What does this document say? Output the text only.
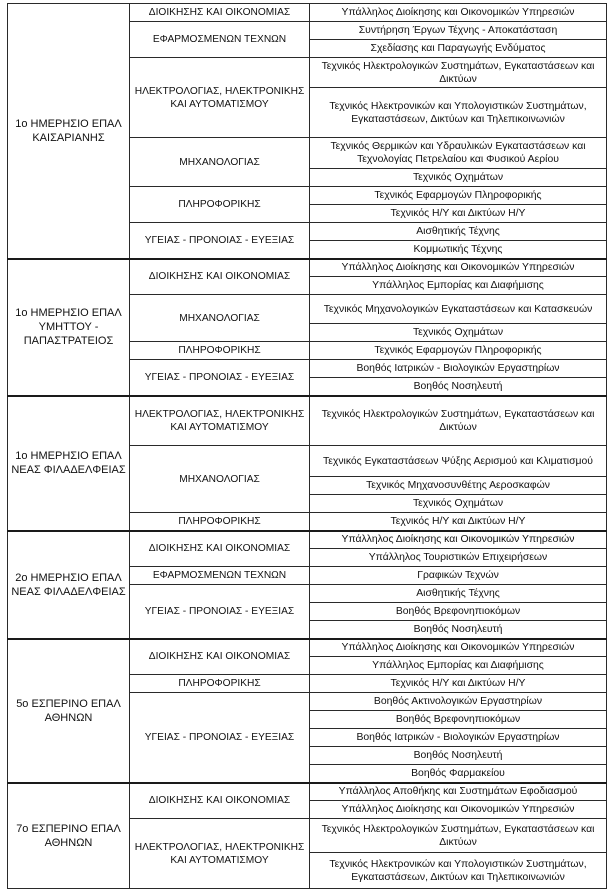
1ο ΗΜΕΡΗΣΙΟ ΕΠΑΛ ΚΑΙΣΑΡΙΑΝΗΣ	ΔΙΟΙΚΗΣΗΣ ΚΑΙ ΟΙΚΟΝΟΜΙΑΣ	Υπάλληλος Διοίκησης και Οικονομικών Υπηρεσιών
	ΕΦΑΡΜΟΣΜΕΝΩΝ ΤΕΧΝΩΝ	Συντήρηση Έργων Τέχνης - Αποκατάσταση
		Σχεδίασης και Παραγωγής Ενδύματος
	ΗΛΕΚΤΡΟΛΟΓΙΑΣ, ΗΛΕΚΤΡΟΝΙΚΗΣ ΚΑΙ ΑΥΤΟΜΑΤΙΣΜΟΥ	Τεχνικός Ηλεκτρολογικών Συστημάτων, Εγκαταστάσεων και Δικτύων
		Τεχνικός Ηλεκτρονικών και Υπολογιστικών Συστημάτων, Εγκαταστάσεων, Δικτύων και Τηλεπικοινωνιών
	ΜΗΧΑΝΟΛΟΓΙΑΣ	Τεχνικός Θερμικών και Υδραυλικών Εγκαταστάσεων και Τεχνολογίας Πετρελαίου και Φυσικού Αερίου
		Τεχνικός Οχημάτων
	ΠΛΗΡΟΦΟΡΙΚΗΣ	Τεχνικός Εφαρμογών Πληροφορικής
		Τεχνικός Η/Υ και Δικτύων Η/Υ
	ΥΓΕΙΑΣ - ΠΡΟΝΟΙΑΣ - ΕΥΕΞΙΑΣ	Αισθητικής Τέχνης
		Κομμωτικής Τέχνης
1ο ΗΜΕΡΗΣΙΟ ΕΠΑΛ ΥΜΗΤΤΟΥ - ΠΑΠΑΣΤΡΑΤΕΙΟΣ	ΔΙΟΙΚΗΣΗΣ ΚΑΙ ΟΙΚΟΝΟΜΙΑΣ	Υπάλληλος Διοίκησης και Οικονομικών Υπηρεσιών
		Υπάλληλος Εμπορίας και Διαφήμισης
	ΜΗΧΑΝΟΛΟΓΙΑΣ	Τεχνικός Μηχανολογικών Εγκαταστάσεων και Κατασκευών
		Τεχνικός Οχημάτων
	ΠΛΗΡΟΦΟΡΙΚΗΣ	Τεχνικός Εφαρμογών Πληροφορικής
	ΥΓΕΙΑΣ - ΠΡΟΝΟΙΑΣ - ΕΥΕΞΙΑΣ	Βοηθός Ιατρικών - Βιολογικών Εργαστηρίων
		Βοηθός Νοσηλευτή
1ο ΗΜΕΡΗΣΙΟ ΕΠΑΛ ΝΕΑΣ ΦΙΛΑΔΕΛΦΕΙΑΣ	ΗΛΕΚΤΡΟΛΟΓΙΑΣ, ΗΛΕΚΤΡΟΝΙΚΗΣ ΚΑΙ ΑΥΤΟΜΑΤΙΣΜΟΥ	Τεχνικός Ηλεκτρολογικών Συστημάτων, Εγκαταστάσεων και Δικτύων
	ΜΗΧΑΝΟΛΟΓΙΑΣ	Τεχνικός Εγκαταστάσεων Ψύξης Αερισμού και Κλιματισμού
		Τεχνικός Μηχανοσυνθέτης Αεροσκαφών
		Τεχνικός Οχημάτων
	ΠΛΗΡΟΦΟΡΙΚΗΣ	Τεχνικός Η/Υ και Δικτύων Η/Υ
2ο ΗΜΕΡΗΣΙΟ ΕΠΑΛ ΝΕΑΣ ΦΙΛΑΔΕΛΦΕΙΑΣ	ΔΙΟΙΚΗΣΗΣ ΚΑΙ ΟΙΚΟΝΟΜΙΑΣ	Υπάλληλος Διοίκησης και Οικονομικών Υπηρεσιών
		Υπάλληλος Τουριστικών Επιχειρήσεων
	ΕΦΑΡΜΟΣΜΕΝΩΝ ΤΕΧΝΩΝ	Γραφικών Τεχνών
	ΥΓΕΙΑΣ - ΠΡΟΝΟΙΑΣ - ΕΥΕΞΙΑΣ	Αισθητικής Τέχνης
		Βοηθός Βρεφονηπιοκόμων
		Βοηθός Νοσηλευτή
5ο ΕΣΠΕΡΙΝΟ ΕΠΑΛ ΑΘΗΝΩΝ	ΔΙΟΙΚΗΣΗΣ ΚΑΙ ΟΙΚΟΝΟΜΙΑΣ	Υπάλληλος Διοίκησης και Οικονομικών Υπηρεσιών
		Υπάλληλος Εμπορίας και Διαφήμισης
	ΠΛΗΡΟΦΟΡΙΚΗΣ	Τεχνικός Η/Υ και Δικτύων Η/Υ
	ΥΓΕΙΑΣ - ΠΡΟΝΟΙΑΣ - ΕΥΕΞΙΑΣ	Βοηθός Ακτινολογικών Εργαστηρίων
		Βοηθός Βρεφονηπιοκόμων
		Βοηθός Ιατρικών - Βιολογικών Εργαστηρίων
		Βοηθός Νοσηλευτή
		Βοηθός Φαρμακείου
7ο ΕΣΠΕΡΙΝΟ ΕΠΑΛ ΑΘΗΝΩΝ	ΔΙΟΙΚΗΣΗΣ ΚΑΙ ΟΙΚΟΝΟΜΙΑΣ	Υπάλληλος Αποθήκης και Συστημάτων Εφοδιασμού
		Υπάλληλος Διοίκησης και Οικονομικών Υπηρεσιών
	ΗΛΕΚΤΡΟΛΟΓΙΑΣ, ΗΛΕΚΤΡΟΝΙΚΗΣ ΚΑΙ ΑΥΤΟΜΑΤΙΣΜΟΥ	Τεχνικός Ηλεκτρολογικών Συστημάτων, Εγκαταστάσεων και Δικτύων
		Τεχνικός Ηλεκτρονικών και Υπολογιστικών Συστημάτων, Εγκαταστάσεων, Δικτύων και Τηλεπικοινωνιών
